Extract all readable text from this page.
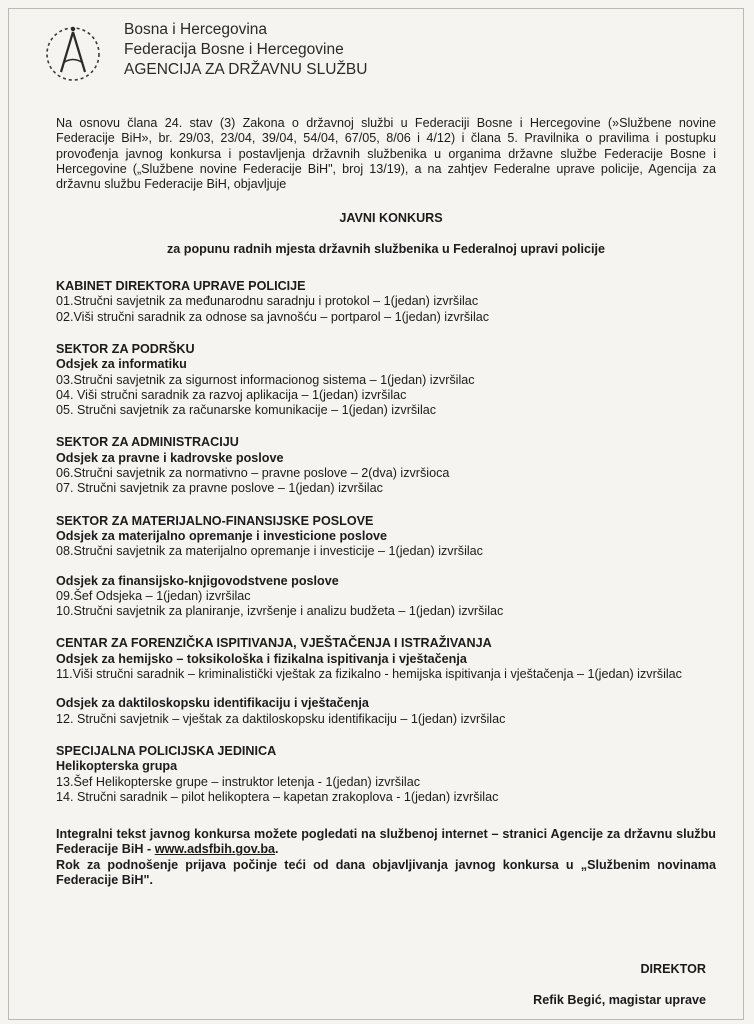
Bosna i Hercegovina
Federacija Bosne i Hercegovine
AGENCIJA ZA DRŽAVNU SLUŽBU

Na osnovu člana 24. stav (3) Zakona o državnoj službi u Federaciji Bosne i Hercegovine (»Službene novine Federacije BiH», br. 29/03, 23/04, 39/04, 54/04, 67/05, 8/06 i 4/12) i člana 5. Pravilnika o pravilima i postupku provođenja javnog konkursa i postavljenja državnih službenika u organima državne službe Federacije Bosne i Hercegovine („Službene novine Federacije BiH", broj 13/19), a na zahtjev Federalne uprave policije, Agencija za državnu službu Federacije BiH, objavljuje

JAVNI KONKURS
za popunu radnih mjesta državnih službenika u Federalnoj upravi policije
KABINET DIREKTORA UPRAVE POLICIJE
01.Stručni savjetnik za međunarodnu saradnju i protokol – 1(jedan) izvršilac
02.Viši stručni saradnik za odnose sa javnošću – portparol – 1(jedan) izvršilac
SEKTOR ZA PODRŠKU
Odsjek za informatiku
03.Stručni savjetnik za sigurnost informacionog sistema – 1(jedan) izvršilac
04. Viši stručni saradnik za razvoj aplikacija – 1(jedan) izvršilac
05. Stručni savjetnik za računarske komunikacije – 1(jedan) izvršilac
SEKTOR ZA ADMINISTRACIJU
Odsjek za pravne i kadrovske poslove
06.Stručni savjetnik za normativno – pravne poslove – 2(dva) izvršioca
07. Stručni savjetnik za pravne poslove – 1(jedan) izvršilac
SEKTOR ZA MATERIJALNO-FINANSIJSKE POSLOVE
Odsjek za materijalno opremanje i investicione poslove
08.Stručni savjetnik za materijalno opremanje i investicije – 1(jedan) izvršilac
Odsjek za finansijsko-knjigovodstvene poslove
09.Šef Odsjeka – 1(jedan) izvršilac
10.Stručni savjetnik za planiranje, izvršenje i analizu budžeta – 1(jedan) izvršilac
CENTAR ZA FORENZIČKA ISPITIVANJA, VJEŠTAČENJA I ISTRAŽIVANJA
Odsjek za hemijsko – toksikološka i fizikalna ispitivanja i vještačenja
11.Viši stručni saradnik – kriminalistički vještak za fizikalno - hemijska ispitivanja i vještačenja – 1(jedan) izvršilac
Odsjek za daktiloskopsku identifikaciju i vještačenja
12. Stručni savjetnik – vještak za daktiloskopsku identifikaciju – 1(jedan) izvršilac
SPECIJALNA POLICIJSKA JEDINICA
Helikopterska grupa
13.Šef Helikopterske grupe – instruktor letenja - 1(jedan) izvršilac
14. Stručni saradnik – pilot helikoptera – kapetan zrakoplova - 1(jedan) izvršilac
Integralni tekst javnog konkursa možete pogledati na službenoj internet – stranici Agencije za državnu službu Federacije BiH - www.adsfbih.gov.ba.
Rok za podnošenje prijava počinje teći od dana objavljivanja javnog konkursa u „Službenim novinama Federacije BiH".
DIREKTOR
Refik Begić, magistar uprave
